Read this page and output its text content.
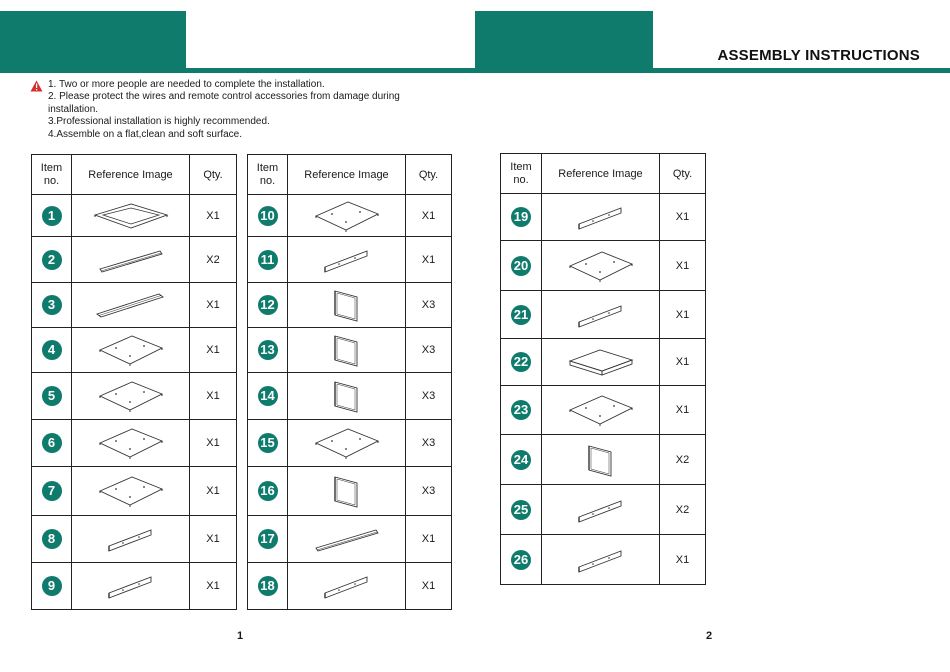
ASSEMBLY INSTRUCTIONS
1. Two or more people are needed to complete the installation.
2. Please protect the wires and remote control accessories from damage during
installation.
3.Professional installation is highly recommended.
4.Assemble on a flat,clean and soft surface.
Item
no.	Reference Image	Qty.
1		X1
2		X2
3		X1
4		X1
5		X1
6		X1
7		X1
8		X1
9		X1
Item
no.	Reference Image	Qty.
10		X1
11		X1
12		X3
13		X3
14		X3
15		X3
16		X3
17		X1
18		X1
Item
no.	Reference Image	Qty.
19		X1
20		X1
21		X1
22		X1
23		X1
24		X2
25		X2
26		X1
1	2
